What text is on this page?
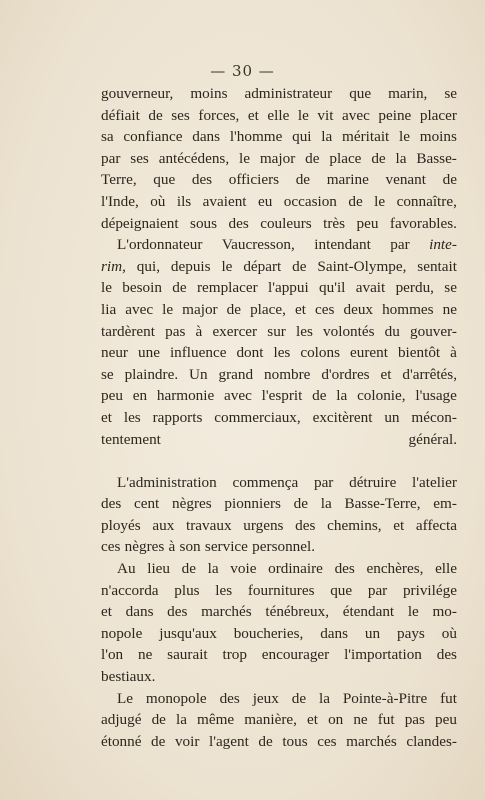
— 30 —
gouverneur, moins administrateur que marin, se
défiait de ses forces, et elle le vit avec peine placer
sa confiance dans l'homme qui la méritait le moins
par ses antécédens, le major de place de la Basse-
Terre, que des officiers de marine venant de
l'Inde, où ils avaient eu occasion de le connaître,
dépeignaient sous des couleurs très peu favorables.
L'ordonnateur Vaucresson, intendant par inte-
rim, qui, depuis le départ de Saint-Olympe, sentait
le besoin de remplacer l'appui qu'il avait perdu, se
lia avec le major de place, et ces deux hommes ne
tardèrent pas à exercer sur les volontés du gouver-
neur une influence dont les colons eurent bientôt à
se plaindre. Un grand nombre d'ordres et d'arrêtés,
peu en harmonie avec l'esprit de la colonie, l'usage
et les rapports commerciaux, excitèrent un mécon-
tentement	général.
L'administration commença par détruire l'atelier
des cent nègres pionniers de la Basse-Terre, em-
ployés aux travaux urgens des chemins, et affecta
ces nègres à son service personnel.
Au lieu de la voie ordinaire des enchères, elle
n'accorda plus les fournitures que par privilége
et dans des marchés ténébreux, étendant le mo-
nopole jusqu'aux boucheries, dans un pays où
l'on ne saurait trop encourager l'importation des
bestiaux.
Le monopole des jeux de la Pointe-à-Pitre fut
adjugé de la même manière, et on ne fut pas peu
étonné de voir l'agent de tous ces marchés clandes-
